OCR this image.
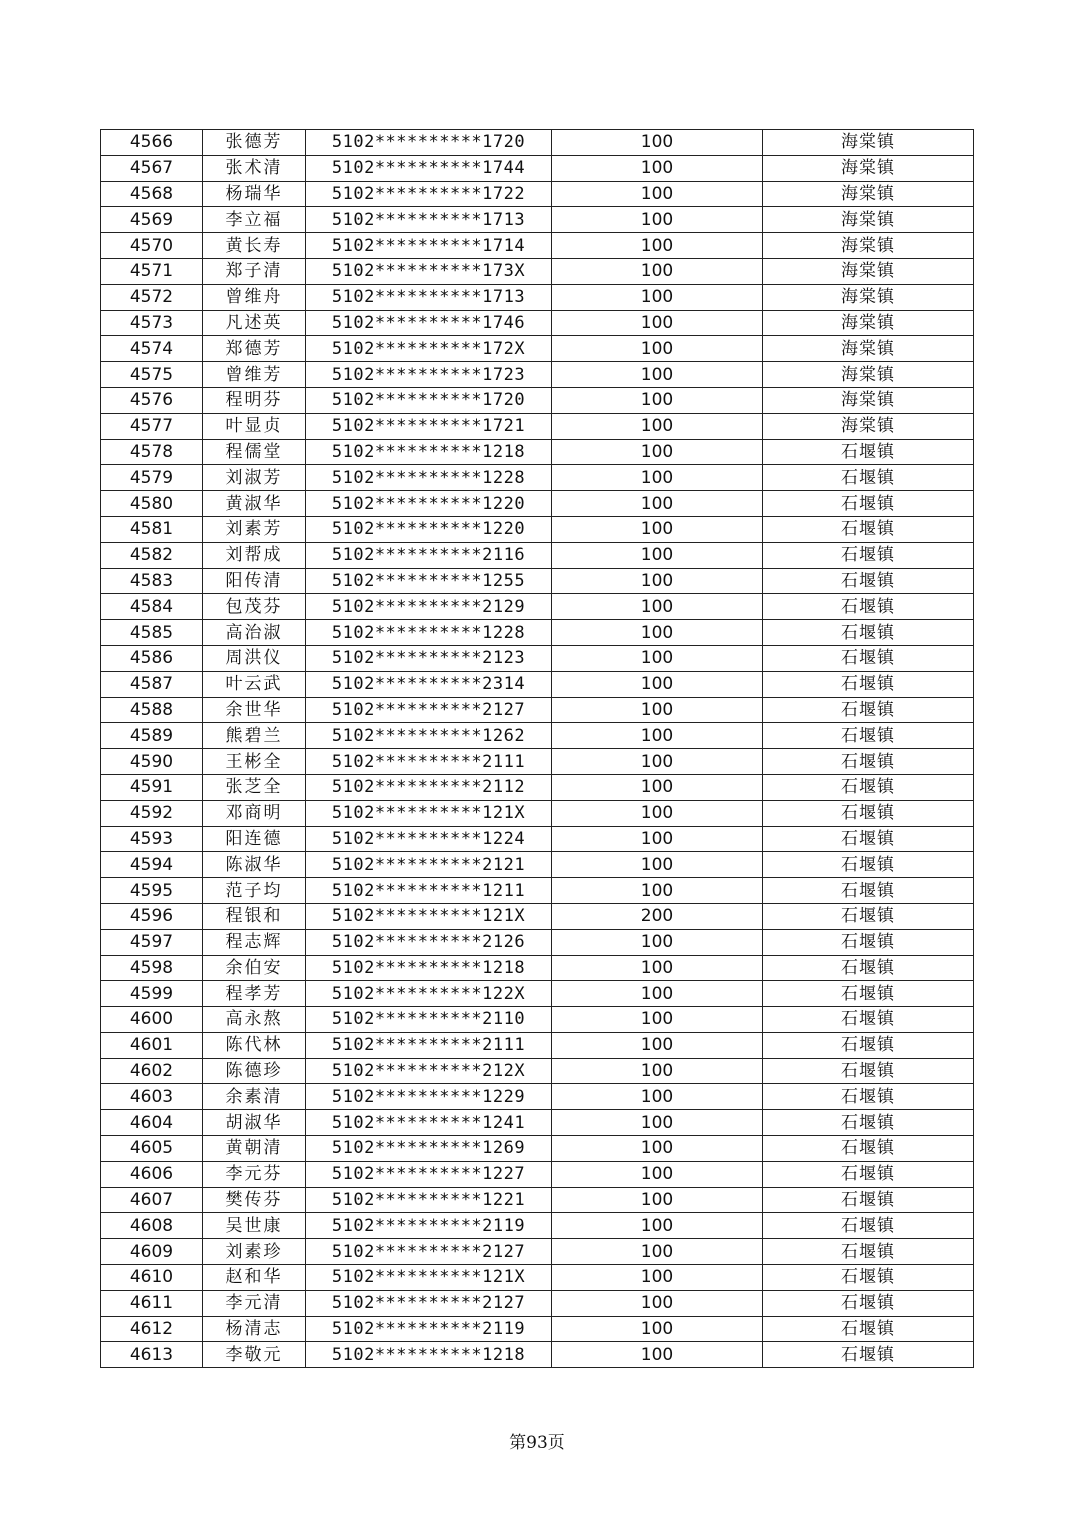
4566	张德芳	5102**********1720	100	海棠镇
4567	张术清	5102**********1744	100	海棠镇
4568	杨瑞华	5102**********1722	100	海棠镇
4569	李立福	5102**********1713	100	海棠镇
4570	黄长寿	5102**********1714	100	海棠镇
4571	郑子清	5102**********173X	100	海棠镇
4572	曾维舟	5102**********1713	100	海棠镇
4573	凡述英	5102**********1746	100	海棠镇
4574	郑德芳	5102**********172X	100	海棠镇
4575	曾维芳	5102**********1723	100	海棠镇
4576	程明芬	5102**********1720	100	海棠镇
4577	叶显贞	5102**********1721	100	海棠镇
4578	程儒堂	5102**********1218	100	石堰镇
4579	刘淑芳	5102**********1228	100	石堰镇
4580	黄淑华	5102**********1220	100	石堰镇
4581	刘素芳	5102**********1220	100	石堰镇
4582	刘帮成	5102**********2116	100	石堰镇
4583	阳传清	5102**********1255	100	石堰镇
4584	包茂芬	5102**********2129	100	石堰镇
4585	高治淑	5102**********1228	100	石堰镇
4586	周洪仪	5102**********2123	100	石堰镇
4587	叶云武	5102**********2314	100	石堰镇
4588	余世华	5102**********2127	100	石堰镇
4589	熊碧兰	5102**********1262	100	石堰镇
4590	王彬全	5102**********2111	100	石堰镇
4591	张芝全	5102**********2112	100	石堰镇
4592	邓商明	5102**********121X	100	石堰镇
4593	阳连德	5102**********1224	100	石堰镇
4594	陈淑华	5102**********2121	100	石堰镇
4595	范子均	5102**********1211	100	石堰镇
4596	程银和	5102**********121X	200	石堰镇
4597	程志辉	5102**********2126	100	石堰镇
4598	余伯安	5102**********1218	100	石堰镇
4599	程孝芳	5102**********122X	100	石堰镇
4600	高永熬	5102**********2110	100	石堰镇
4601	陈代林	5102**********2111	100	石堰镇
4602	陈德珍	5102**********212X	100	石堰镇
4603	余素清	5102**********1229	100	石堰镇
4604	胡淑华	5102**********1241	100	石堰镇
4605	黄朝清	5102**********1269	100	石堰镇
4606	李元芬	5102**********1227	100	石堰镇
4607	樊传芬	5102**********1221	100	石堰镇
4608	吴世康	5102**********2119	100	石堰镇
4609	刘素珍	5102**********2127	100	石堰镇
4610	赵和华	5102**********121X	100	石堰镇
4611	李元清	5102**********2127	100	石堰镇
4612	杨清志	5102**********2119	100	石堰镇
4613	李敬元	5102**********1218	100	石堰镇
第93页
